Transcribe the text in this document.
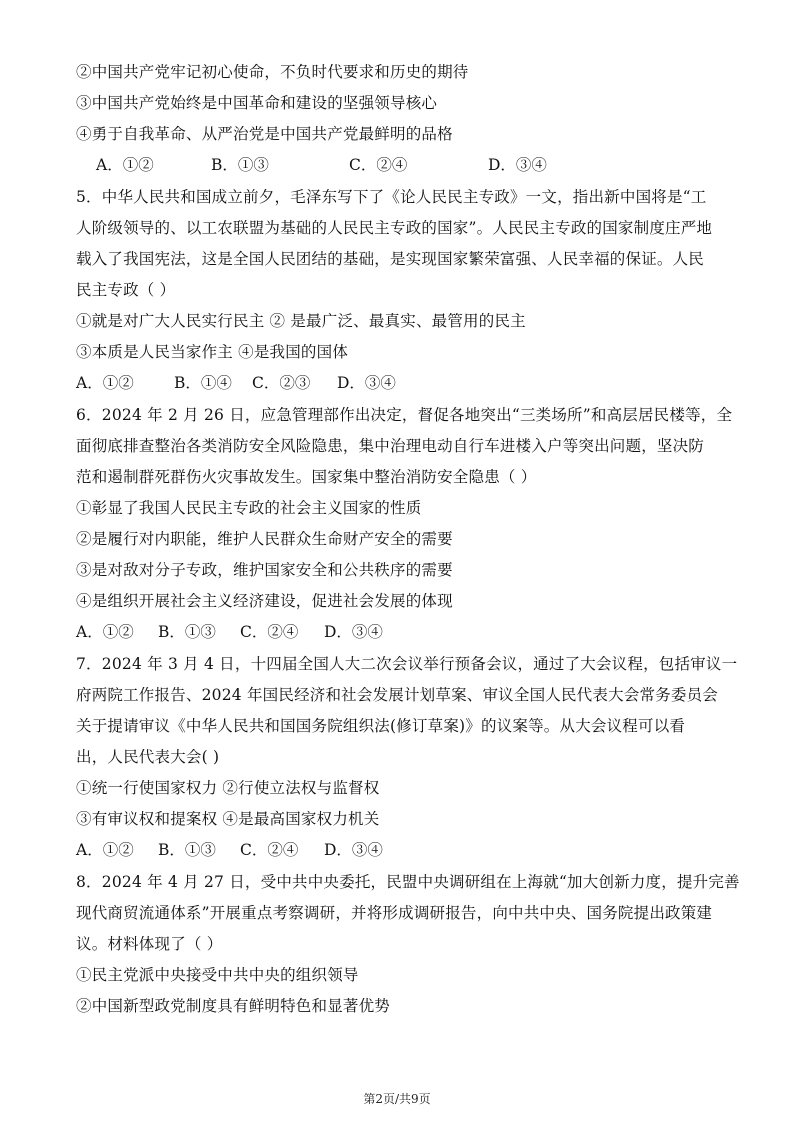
②中国共产党牢记初心使命，不负时代要求和历史的期待
③中国共产党始终是中国革命和建设的坚强领导核心
④勇于自我革命、从严治党是中国共产党最鲜明的品格
A．①②	B．①③	C．②④	D．③④
5．中华人民共和国成立前夕，毛泽东写下了《论人民民主专政》一文，指出新中国将是“工
人阶级领导的、以工农联盟为基础的人民民主专政的国家”。人民民主专政的国家制度庄严地
载入了我国宪法，这是全国人民团结的基础，是实现国家繁荣富强、人民幸福的保证。人民
民主专政（ ）
①就是对广大人民实行民主 ② 是最广泛、最真实、最管用的民主
③本质是人民当家作主 ④是我国的国体
A．①②	B．①④ C．②③ D．③④
6．2024 年 2 月 26 日，应急管理部作出决定，督促各地突出“三类场所”和高层居民楼等，全
面彻底排查整治各类消防安全风险隐患，集中治理电动自行车进楼入户等突出问题，坚决防
范和遏制群死群伤火灾事故发生。国家集中整治消防安全隐患（ ）
①彰显了我国人民民主专政的社会主义国家的性质
②是履行对内职能，维护人民群众生命财产安全的需要
③是对敌对分子专政，维护国家安全和公共秩序的需要
④是组织开展社会主义经济建设，促进社会发展的体现
A．①② B．①③ C．②④ D．③④
7．2024 年 3 月 4 日，十四届全国人大二次会议举行预备会议，通过了大会议程，包括审议一
府两院工作报告、2024 年国民经济和社会发展计划草案、审议全国人民代表大会常务委员会
关于提请审议《中华人民共和国国务院组织法(修订草案)》的议案等。从大会议程可以看
出，人民代表大会( )
①统一行使国家权力 ②行使立法权与监督权
③有审议权和提案权 ④是最高国家权力机关
A．①② B．①③ C．②④ D．③④
8．2024 年 4 月 27 日，受中共中央委托，民盟中央调研组在上海就“加大创新力度，提升完善
现代商贸流通体系”开展重点考察调研，并将形成调研报告，向中共中央、国务院提出政策建
议。材料体现了（ ）
①民主党派中央接受中共中央的组织领导
②中国新型政党制度具有鲜明特色和显著优势
第2页/共9页
